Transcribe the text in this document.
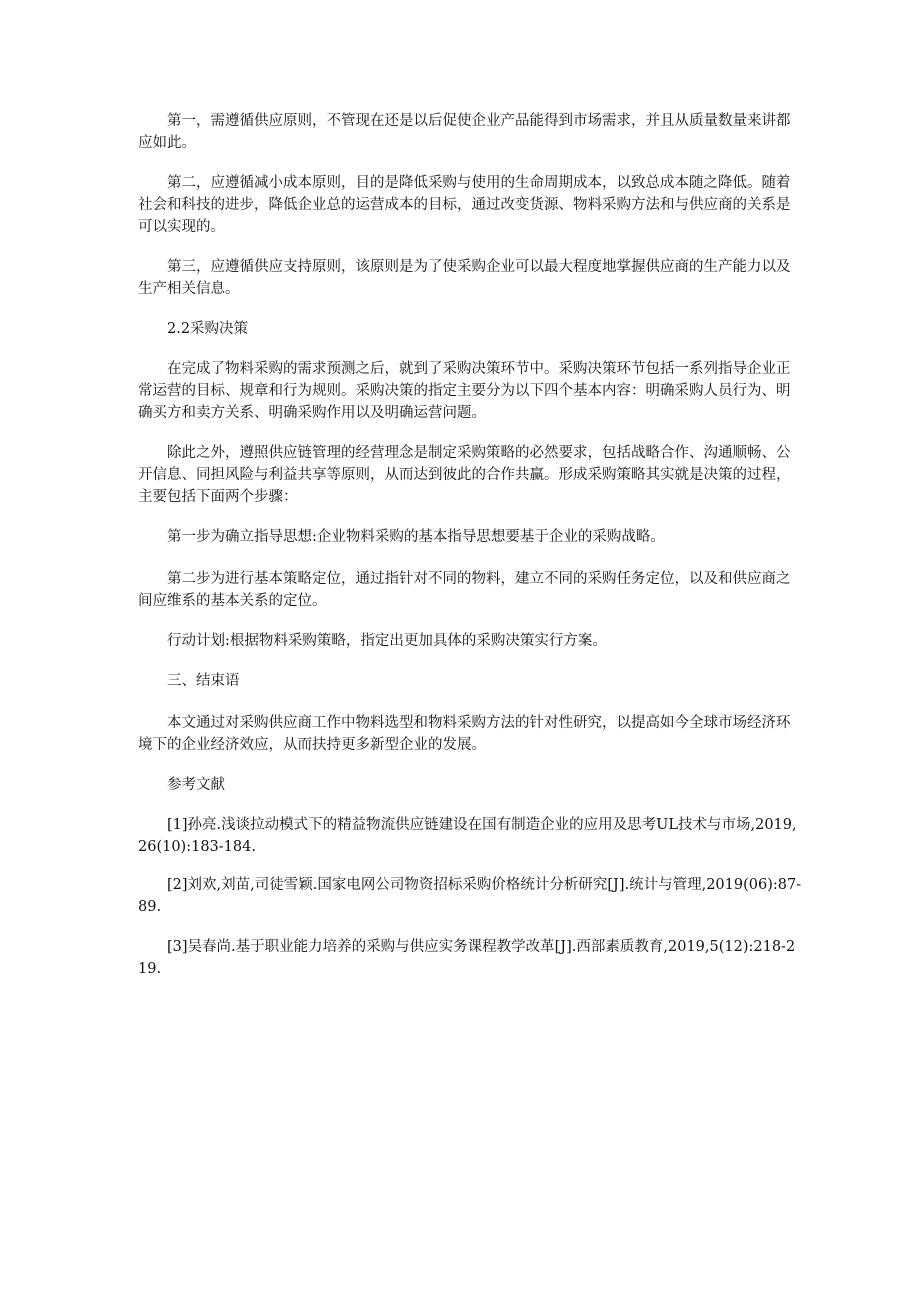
第一，需遵循供应原则，不管现在还是以后促使企业产品能得到市场需求，并且从质量数量来讲都应如此。

第二，应遵循减小成本原则，目的是降低采购与使用的生命周期成本，以致总成本随之降低。随着社会和科技的进步，降低企业总的运营成本的目标，通过改变货源、物料采购方法和与供应商的关系是可以实现的。

第三，应遵循供应支持原则，该原则是为了使采购企业可以最大程度地掌握供应商的生产能力以及生产相关信息。

2.2采购决策

在完成了物料采购的需求预测之后，就到了采购决策环节中。采购决策环节包括一系列指导企业正常运营的目标、规章和行为规则。采购决策的指定主要分为以下四个基本内容：明确采购人员行为、明确买方和卖方关系、明确采购作用以及明确运营问题。

除此之外，遵照供应链管理的经营理念是制定采购策略的必然要求，包括战略合作、沟通顺畅、公开信息、同担风险与利益共享等原则，从而达到彼此的合作共赢。形成采购策略其实就是决策的过程，主要包括下面两个步骤：

第一步为确立指导思想:企业物料采购的基本指导思想要基于企业的采购战略。

第二步为进行基本策略定位，通过指针对不同的物料，建立不同的采购任务定位，以及和供应商之间应维系的基本关系的定位。

行动计划:根据物料采购策略，指定出更加具体的采购决策实行方案。

三、结束语

本文通过对采购供应商工作中物料选型和物料采购方法的针对性研究，以提高如今全球市场经济环境下的企业经济效应，从而扶持更多新型企业的发展。

参考文献

[1]孙亮.浅谈拉动模式下的精益物流供应链建设在国有制造企业的应用及思考UL技术与市场,2019,26(10):183-184.

[2]刘欢,刘苗,司徒雪颖.国家电网公司物资招标采购价格统计分析研究[J].统计与管理,2019(06):87-89.

[3]吴春尚.基于职业能力培养的采购与供应实务课程教学改革[J].西部素质教育,2019,5(12):218-219.
